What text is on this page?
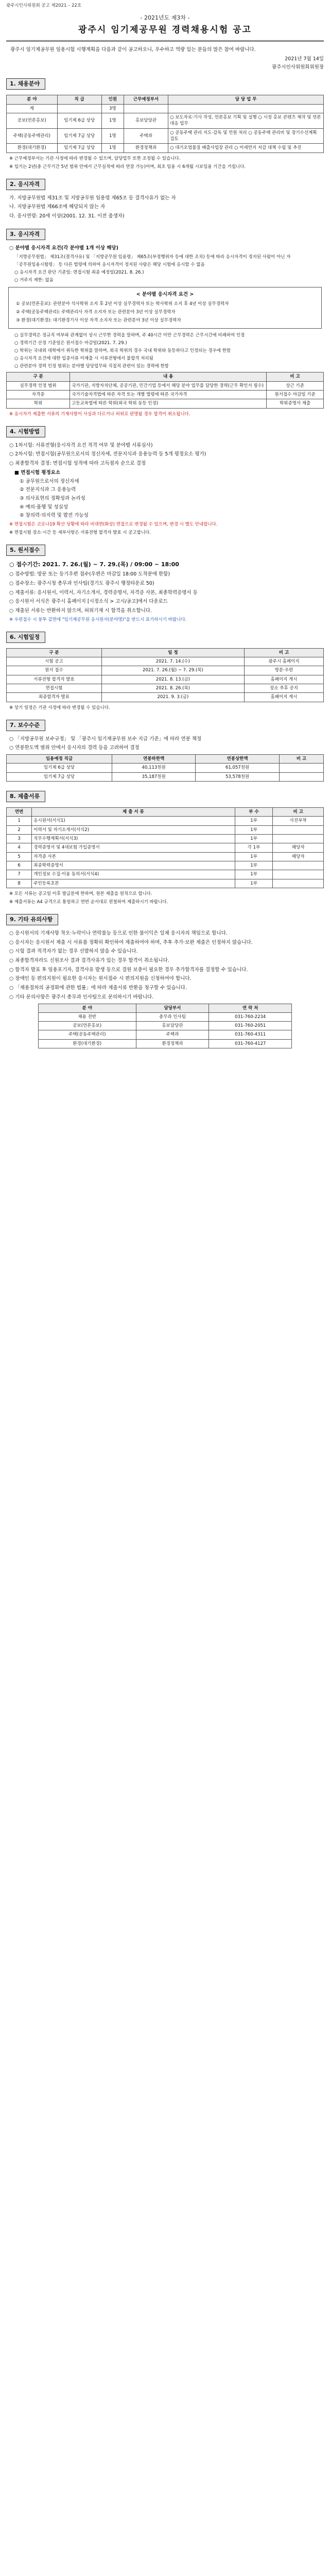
광주시인사위원회 공고 제2021 – 22호
- 2021년도 제3차 -
광주시 임기제공무원 경력채용시험 공고
광주시 임기제공무원 임용시험 시행계획을 다음과 같이 공고하오니, 우수하고 역량 있는 분들의 많은 참여 바랍니다.
2021년 7월 14일
광주시인사위원회위원장
1. 채용분야
분 야	직 급	인원	근무예정부서	담 당 업 무
계		3명		
공보(언론홍보)	임기제 6급 상당	1명	홍보담당관	○ 보도자료·기사 작성, 언론홍보 기획 및 실행 ○ 시정 홍보 콘텐츠 제작 및 언론 대응 업무
주택(공동주택관리)	임기제 7급 상당	1명	주택과	○ 공동주택 관리 지도·감독 및 민원 처리 ○ 공동주택 관리비 및 장기수선계획 검토
환경(대기환경)	임기제 7급 상당	1명	환경정책과	○ 대기오염물질 배출사업장 관리 ○ 미세먼지 저감 대책 수립 및 추진
※ 근무예정부서는 기관 사정에 따라 변경될 수 있으며, 담당업무 또한 조정될 수 있습니다.
※ 임기는 2년(총 근무기간 5년 범위 안에서 근무실적에 따라 연장 가능)이며, 최초 임용 시 6개월 시보임용 기간을 거칩니다.
2. 응시자격
가. 지방공무원법 제31조 및 지방공무원 임용령 제65조 등 결격사유가 없는 자
나. 지방공무원법 제66조에 해당되지 않는 자
다. 응시연령: 20세 이상(2001. 12. 31. 이전 출생자)
3. 응시자격
○ 분야별 응시자격 요건(각 분야별 1개 이상 해당)
「지방공무원법」 제31조(결격사유) 및 「지방공무원 임용령」 제65조(부정행위자 등에 대한 조치) 등에 따라 응시자격이 정지된 사람이 아닌 자
「공무원임용시험령」 등 다른 법령에 의하여 응시자격이 정지된 사람은 해당 시험에 응시할 수 없음
○ 응시자격 요건 판단 기준일: 면접시험 최종 예정일(2021. 8. 26.)
○ 거주지 제한: 없음
< 분야별 응시자격 요건 >
① 공보(언론홍보): 관련분야 석사학위 소지 후 2년 이상 실무경력자 또는 학사학위 소지 후 4년 이상 실무경력자
② 주택(공동주택관리): 주택관리사 자격 소지자 또는 관련분야 3년 이상 실무경력자
③ 환경(대기환경): 대기환경기사 이상 자격 소지자 또는 관련분야 3년 이상 실무경력자
○ 실무경력은 정규직 여부와 관계없이 상시 근무한 경력을 말하며, 주 40시간 미만 근무경력은 근무시간에 비례하여 인정
○ 경력기간 산정 기준일은 원서접수 마감일(2021. 7. 29.)
○ 학위는 국내외 대학에서 취득한 학위를 말하며, 외국 학위의 경우 국내 학위와 동등하다고 인정되는 경우에 한함
○ 응시자격 요건에 대한 입증서류 미제출 시 서류전형에서 불합격 처리됨
○ 관련분야 경력 인정 범위는 분야별 담당업무와 직접적 관련이 있는 경력에 한함
구 분	내 용	비 고
실무경력 인정 범위	국가기관, 지방자치단체, 공공기관, 민간기업 등에서 해당 분야 업무를 담당한 경력(근무 확인서 필수)	상근 기준
자격증	국가기술자격법에 따른 자격 또는 개별 법령에 따른 국가자격	원서접수 마감일 기준
학위	고등교육법에 따른 학위(외국 학위 동등 인정)	학위증명서 제출
※ 응시자가 제출한 서류의 기재사항이 사실과 다르거나 허위로 판명될 경우 합격이 취소됩니다.
4. 시험방법
○ 1차시험: 서류전형(응시자격 요건 적격 여부 및 분야별 서류심사)
○ 2차시험: 면접시험(공무원으로서의 정신자세, 전문지식과 응용능력 등 5개 평정요소 평가)
○ 최종합격자 결정: 면접시험 성적에 따라 고득점자 순으로 결정
■ 면접시험 평정요소
① 공무원으로서의 정신자세
② 전문지식과 그 응용능력
③ 의사표현의 정확성과 논리성
④ 예의·품행 및 성실성
⑤ 창의력·의지력 및 발전 가능성
※ 면접시험은 코로나19 확산 상황에 따라 비대면(화상) 면접으로 변경될 수 있으며, 변경 시 별도 안내합니다.
※ 면접시험 장소·시간 등 세부사항은 서류전형 합격자 발표 시 공고합니다.
5. 원서접수
○ 접수기간: 2021. 7. 26.(월) ~ 7. 29.(목) / 09:00 ~ 18:00
○ 접수방법: 방문 또는 등기우편 접수(우편은 마감일 18:00 도착분에 한함)
○ 접수장소: 광주시청 총무과 인사팀(경기도 광주시 행정타운로 50)
○ 제출서류: 응시원서, 이력서, 자기소개서, 경력증명서, 자격증 사본, 최종학력증명서 등
○ 응시원서 서식은 광주시 홈페이지 [시정소식 > 고시/공고]에서 다운로드
○ 제출된 서류는 반환하지 않으며, 허위기재 시 합격을 취소합니다.
※ 우편접수 시 봉투 겉면에 "임기제공무원 응시원서(분야명)"을 반드시 표기하시기 바랍니다.
6. 시험일정
구 분	일 정	비 고
시험 공고	2021. 7. 14.(수)	광주시 홈페이지
원서 접수	2021. 7. 26.(월) ~ 7. 29.(목)	방문·우편
서류전형 합격자 발표	2021. 8. 13.(금)	홈페이지 게시
면접시험	2021. 8. 26.(목)	장소 추후 공지
최종합격자 발표	2021. 9. 3.(금)	홈페이지 게시
※ 상기 일정은 기관 사정에 따라 변경될 수 있습니다.
7. 보수수준
○ 「지방공무원 보수규정」 및 「광주시 임기제공무원 보수 지급 기준」에 따라 연봉 책정
○ 연봉한도액 범위 안에서 응시자의 경력 등을 고려하여 결정
임용예정 직급	연봉하한액	연봉상한액	비 고
임기제 6급 상당	40,113천원	61,057천원	
임기제 7급 상당	35,187천원	53,578천원	
8. 제출서류
연번	제 출 서 류	부 수	비 고
1	응시원서(서식1)	1부	사진부착
2	이력서 및 자기소개서(서식2)	1부	
3	직무수행계획서(서식3)	1부	
4	경력증명서 및 4대보험 가입증명서	각 1부	해당자
5	자격증 사본	1부	해당자
6	최종학력증명서	1부	
7	개인정보 수집·이용 동의서(서식4)	1부	
8	주민등록초본	1부	
※ 모든 서류는 공고일 이후 발급분에 한하며, 원본 제출을 원칙으로 합니다.
※ 제출서류는 A4 규격으로 통일하고 연번 순서대로 편철하여 제출하시기 바랍니다.
9. 기타 유의사항
○ 응시원서의 기재사항 착오·누락이나 연락불능 등으로 인한 불이익은 일체 응시자의 책임으로 합니다.
○ 응시자는 응시원서 제출 시 서류를 정확히 확인하여 제출하여야 하며, 추후 추가·보완 제출은 인정하지 않습니다.
○ 시험 결과 적격자가 없는 경우 선발하지 않을 수 있습니다.
○ 최종합격자라도 신원조사 결과 결격사유가 있는 경우 합격이 취소됩니다.
○ 합격자 발표 후 임용포기자, 결격사유 발생 등으로 결원 보충이 필요한 경우 추가합격자를 결정할 수 있습니다.
○ 장애인 등 편의지원이 필요한 응시자는 원서접수 시 편의지원을 신청하여야 합니다.
○ 「채용절차의 공정화에 관한 법률」에 따라 제출서류 반환을 청구할 수 있습니다.
○ 기타 문의사항은 광주시 총무과 인사팀으로 문의하시기 바랍니다.
분 야	담당부서	연 락 처
채용 전반	총무과 인사팀	031-760-2234
공보(언론홍보)	홍보담당관	031-760-2051
주택(공동주택관리)	주택과	031-760-4311
환경(대기환경)	환경정책과	031-760-4127
